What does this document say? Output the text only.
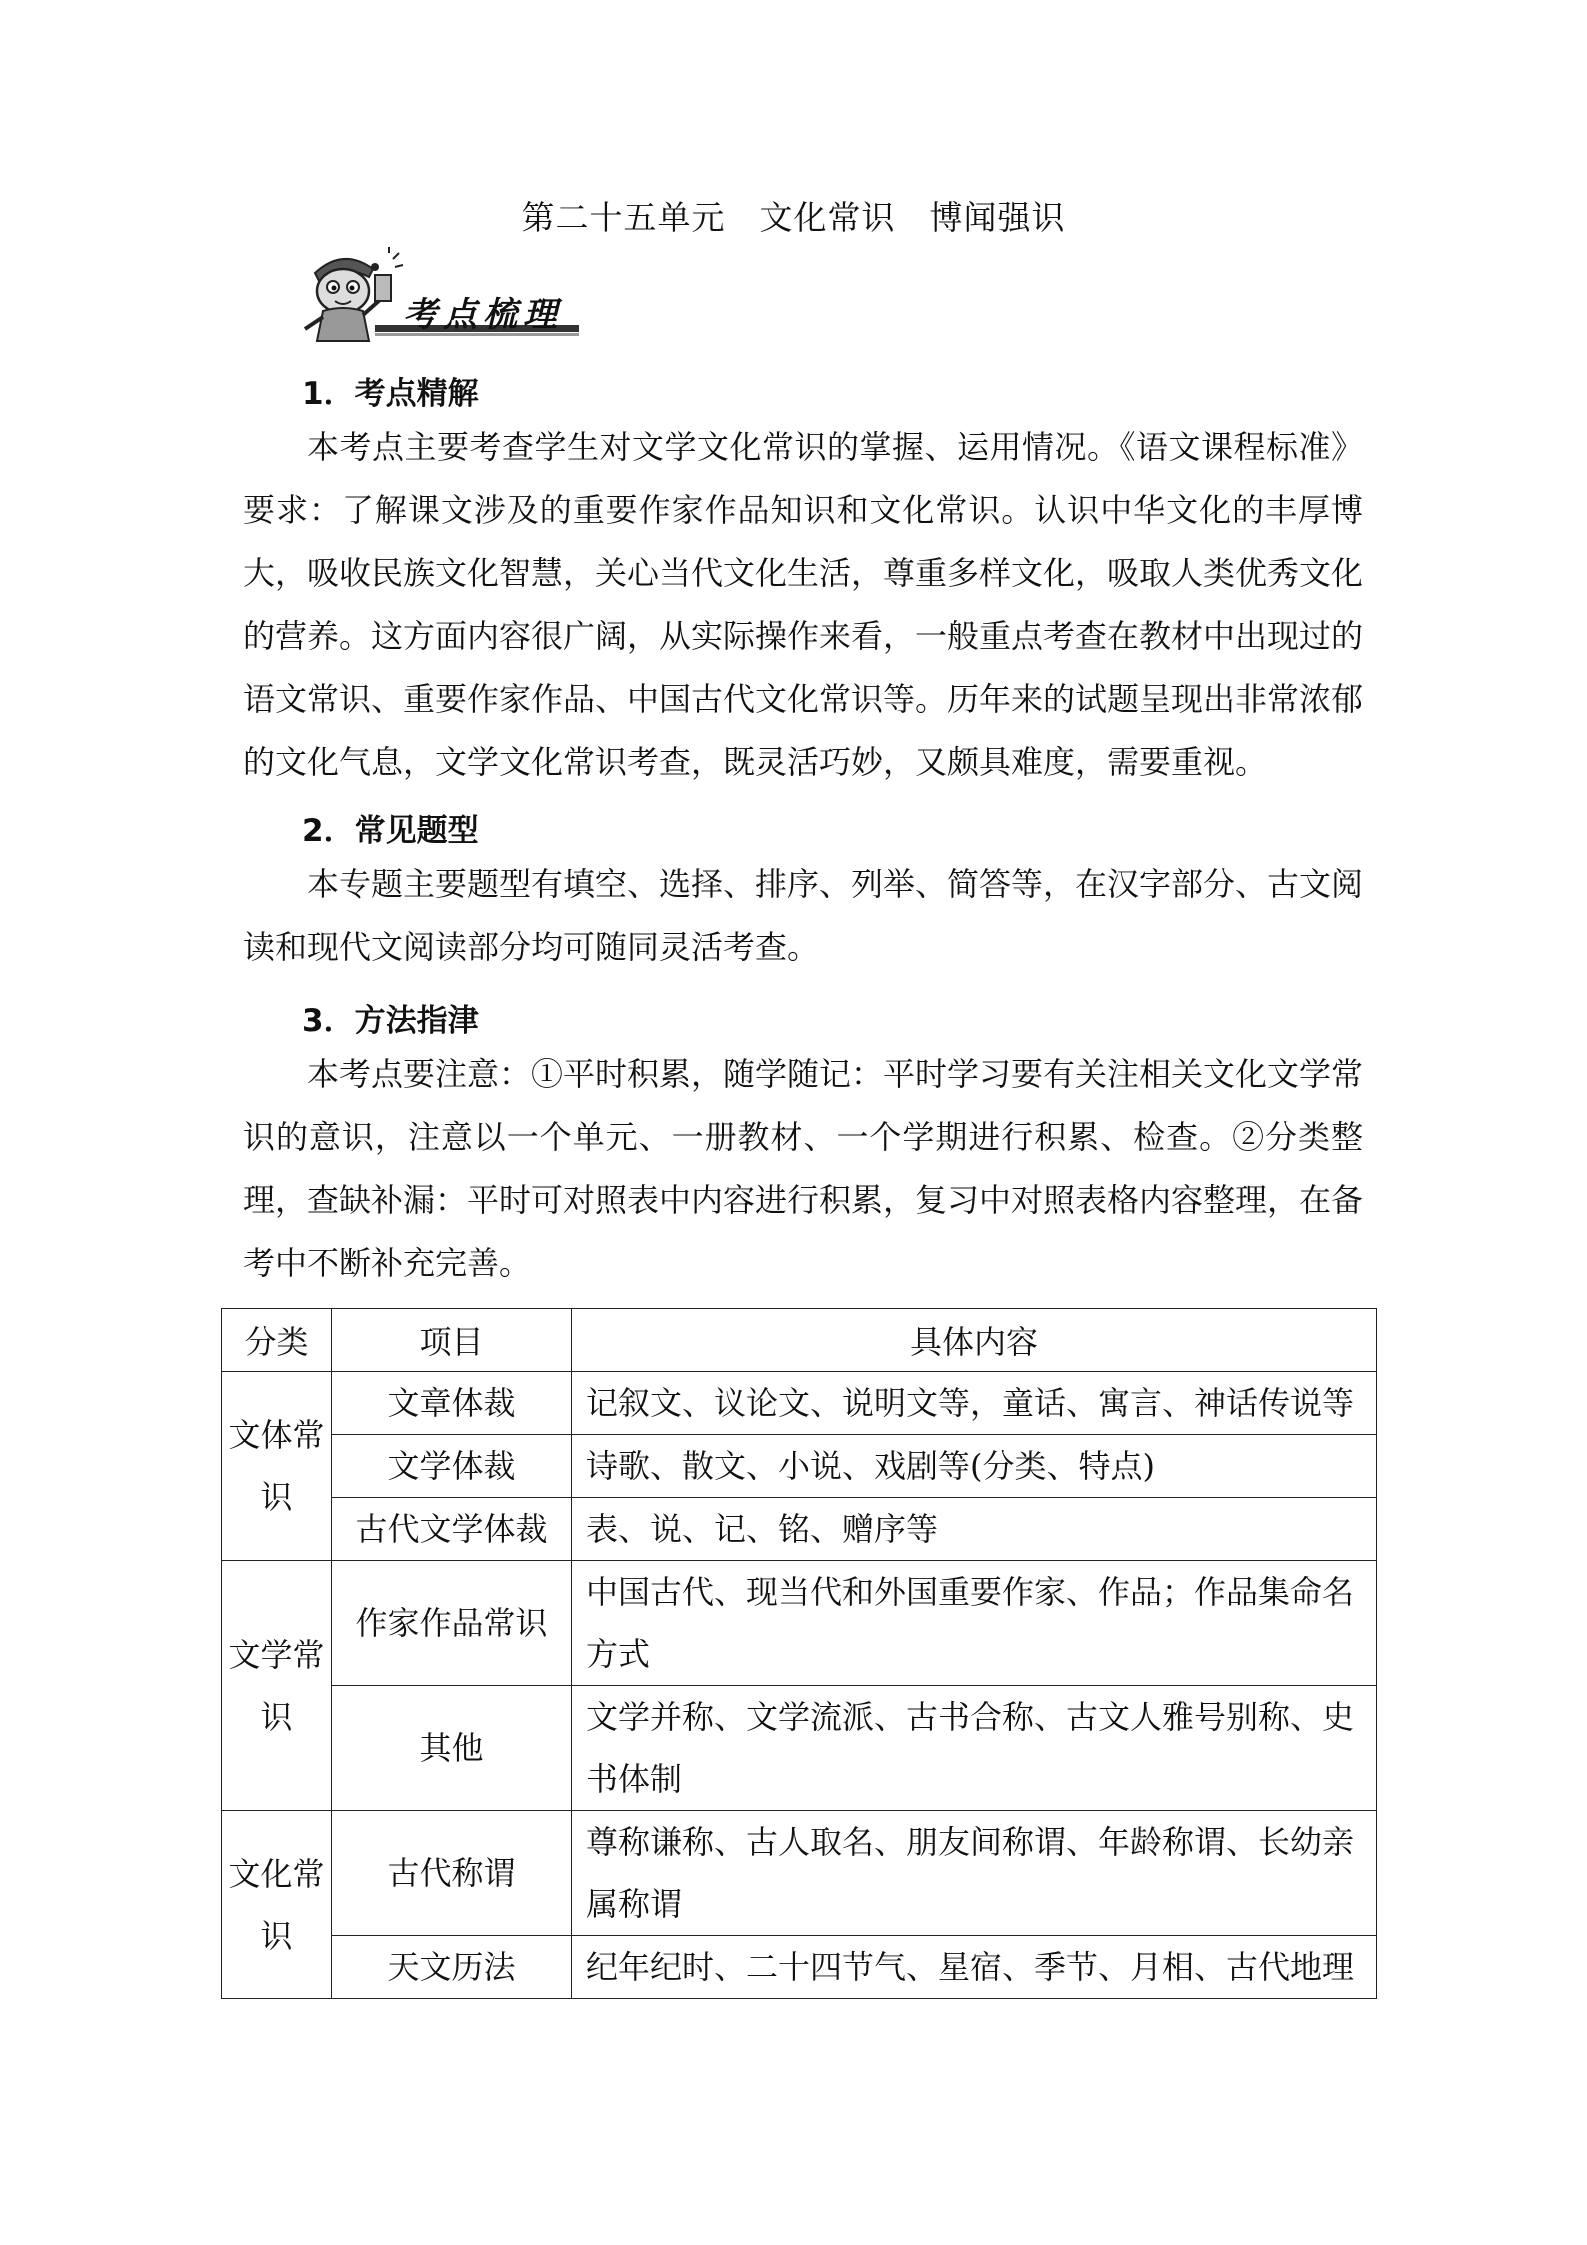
第二十五单元　文化常识　博闻强识
考点梳理
1．考点精解
本考点主要考查学生对文学文化常识的掌握、运用情况。《语文课程标准》要求：了解课文涉及的重要作家作品知识和文化常识。认识中华文化的丰厚博大，吸收民族文化智慧，关心当代文化生活，尊重多样文化，吸取人类优秀文化的营养。这方面内容很广阔，从实际操作来看，一般重点考查在教材中出现过的语文常识、重要作家作品、中国古代文化常识等。历年来的试题呈现出非常浓郁的文化气息，文学文化常识考查，既灵活巧妙，又颇具难度，需要重视。
2．常见题型
本专题主要题型有填空、选择、排序、列举、简答等，在汉字部分、古文阅读和现代文阅读部分均可随同灵活考查。
3．方法指津
本考点要注意：①平时积累，随学随记：平时学习要有关注相关文化文学常识的意识，注意以一个单元、一册教材、一个学期进行积累、检查。②分类整理，查缺补漏：平时可对照表中内容进行积累，复习中对照表格内容整理，在备考中不断补充完善。
分类	项目	具体内容
文体常识	文章体裁	记叙文、议论文、说明文等，童话、寓言、神话传说等
	文学体裁	诗歌、散文、小说、戏剧等(分类、特点)
	古代文学体裁	表、说、记、铭、赠序等
文学常识	作家作品常识	中国古代、现当代和外国重要作家、作品；作品集命名方式
	其他	文学并称、文学流派、古书合称、古文人雅号别称、史书体制
文化常识	古代称谓	尊称谦称、古人取名、朋友间称谓、年龄称谓、长幼亲属称谓
	天文历法	纪年纪时、二十四节气、星宿、季节、月相、古代地理
